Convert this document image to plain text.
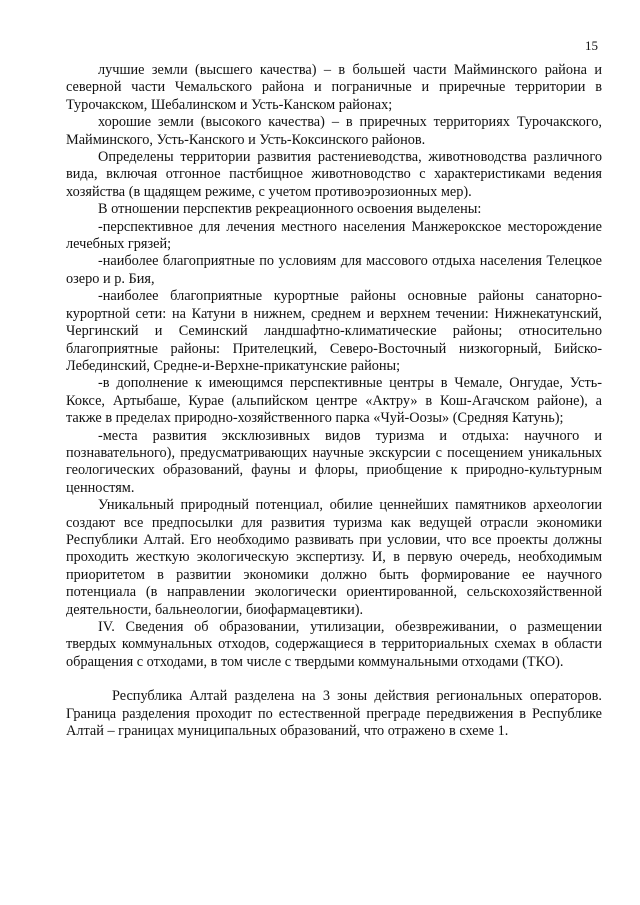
15

лучшие земли (высшего качества) – в большей части Майминского района и северной части Чемальского района и пограничные и приречные территории в Турочакском, Шебалинском и Усть-Канском районах;

хорошие земли (высокого качества) – в приречных территориях Турочакского, Майминского, Усть-Канского и Усть-Коксинского районов.

Определены территории развития растениеводства, животноводства различного вида, включая отгонное пастбищное животноводство с характеристиками ведения хозяйства (в щадящем режиме, с учетом противоэрозионных мер).

В отношении перспектив рекреационного освоения выделены:

-перспективное для лечения местного населения Манжерокское месторождение лечебных грязей;

-наиболее благоприятные по условиям для массового отдыха населения Телецкое озеро и р. Бия,

-наиболее благоприятные курортные районы основные районы санаторно-курортной сети: на Катуни в нижнем, среднем и верхнем течении: Нижнекатунский, Чергинский и Семинский ландшафтно-климатические районы; относительно благоприятные районы: Прителецкий, Северо-Восточный низкогорный, Бийско-Лебединский, Средне-и-Верхне-прикатунские районы;

-в дополнение к имеющимся перспективные центры в Чемале, Онгудае, Усть-Коксе, Артыбаше, Курае (альпийском центре «Актру» в Кош-Агачском районе), а также в пределах природно-хозяйственного парка «Чуй-Оозы» (Средняя Катунь);

-места развития эксклюзивных видов туризма и отдыха: научного и познавательного), предусматривающих научные экскурсии с посещением уникальных геологических образований, фауны и флоры, приобщение к природно-культурным ценностям.

Уникальный природный потенциал, обилие ценнейших памятников археологии создают все предпосылки для развития туризма как ведущей отрасли экономики Республики Алтай. Его необходимо развивать при условии, что все проекты должны проходить жесткую экологическую экспертизу. И, в первую очередь, необходимым приоритетом в развитии экономики должно быть формирование ее научного потенциала (в направлении экологически ориентированной, сельскохозяйственной деятельности, бальнеологии, биофармацевтики).

IV. Сведения об образовании, утилизации, обезвреживании, о размещении твердых коммунальных отходов, содержащиеся в территориальных схемах в области обращения с отходами, в том числе с твердыми коммунальными отходами (ТКО).

Республика Алтай разделена на 3 зоны действия региональных операторов. Граница разделения проходит по естественной преграде передвижения в Республике Алтай – границах муниципальных образований, что отражено в схеме 1.
